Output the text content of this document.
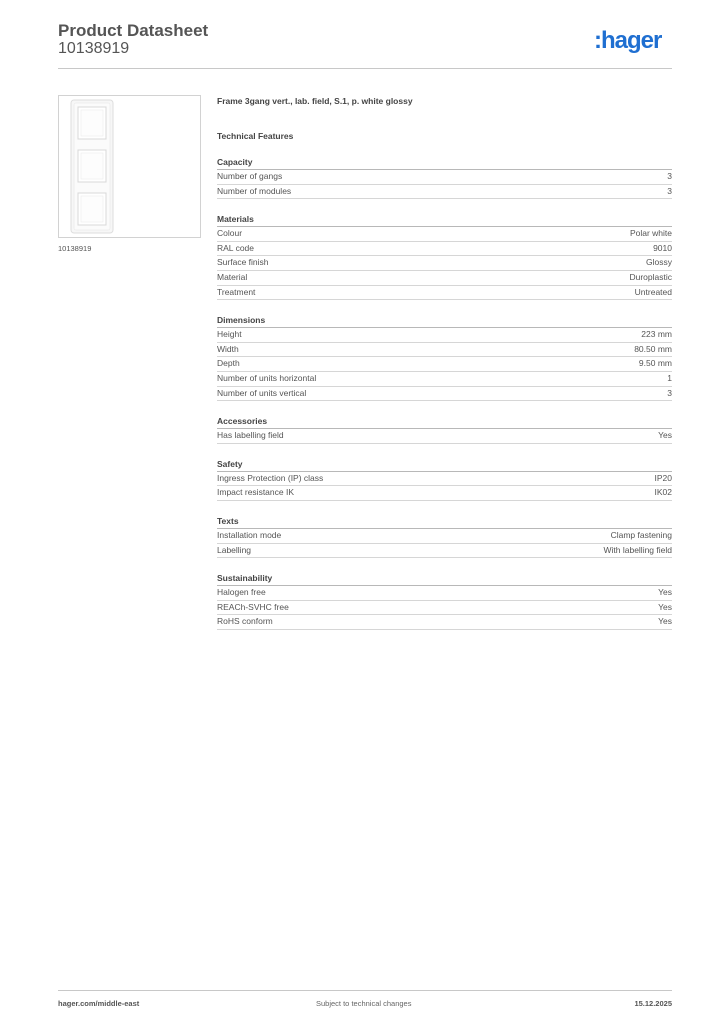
Product Datasheet
10138919	:hager
10138919
Frame 3gang vert., lab. field, S.1, p. white glossy
Technical Features
Capacity
Number of gangs	3
Number of modules	3
Materials
Colour	Polar white
RAL code	9010
Surface finish	Glossy
Material	Duroplastic
Treatment	Untreated
Dimensions
Height	223 mm
Width	80.50 mm
Depth	9.50 mm
Number of units horizontal	1
Number of units vertical	3
Accessories
Has labelling field	Yes
Safety
Ingress Protection (IP) class	IP20
Impact resistance IK	IK02
Texts
Installation mode	Clamp fastening
Labelling	With labelling field
Sustainability
Halogen free	Yes
REACh-SVHC free	Yes
RoHS conform	Yes
hager.com/middle-east	Subject to technical changes	15.12.2025
